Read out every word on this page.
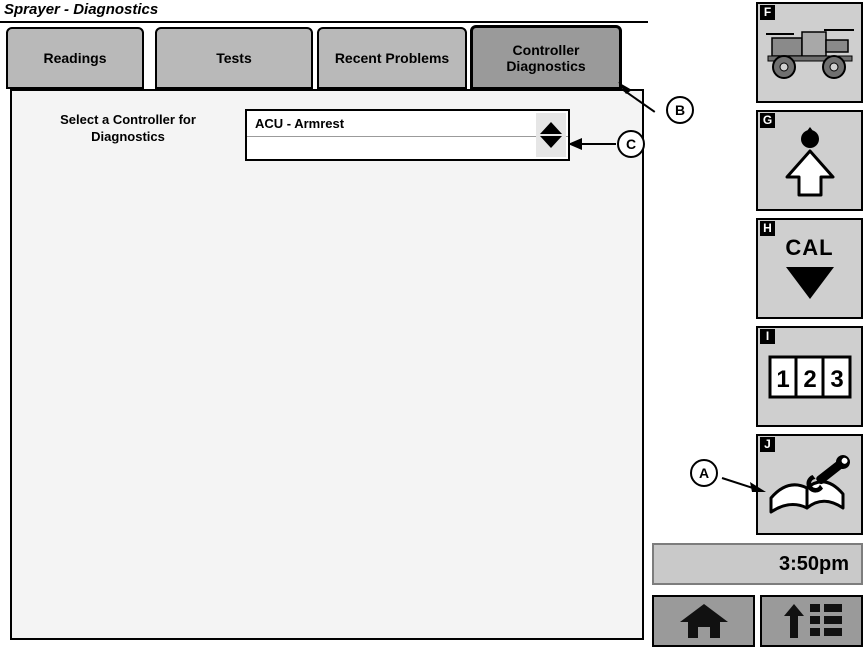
Sprayer - Diagnostics
Readings	Tests	Recent Problems
Controller Diagnostics
Select a Controller for Diagnostics
ACU - Armrest
F
G
H
CAL
I
1 2 3
J
3:50pm
B
C
A
